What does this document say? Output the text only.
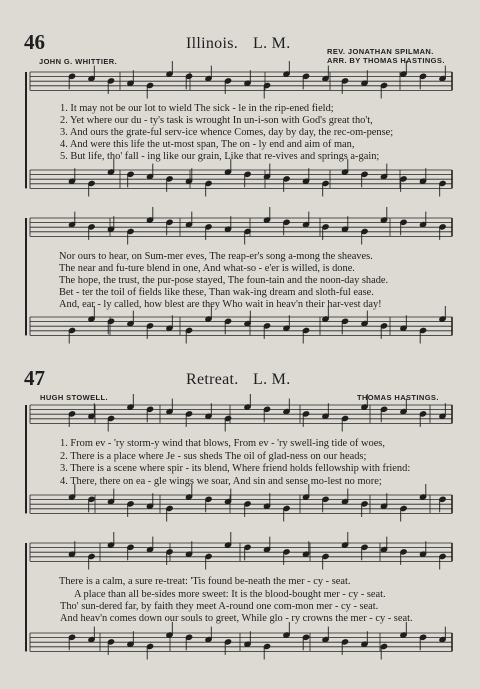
46	Illinois. L. M.
JOHN G. WHITTIER.
REV. JONATHAN SPILMAN.
ARR. BY THOMAS HASTINGS.
1. It may not be our lot to wield The sick - le in the rip-ened field;
2. Yet where our du - ty's task is wrought In un-i-son with God's great tho't,
3. And ours the grate-ful serv-ice whence Comes, day by day, the rec-om-pense;
4. And were this life the ut-most span, The on - ly end and aim of man,
5. But life, tho' fall - ing like our grain, Like that re-vives and springs a-gain;
Nor ours to hear, on Sum-mer eves, The reap-er's song a-mong the sheaves.
The near and fu-ture blend in one, And what-so - e'er is willed, is done.
The hope, the trust, the pur-pose stayed, The foun-tain and the noon-day shade.
Bet - ter the toil of fields like these, Than wak-ing dream and sloth-ful ease.
And, ear - ly called, how blest are they Who wait in heav'n their har-vest day!
47	Retreat. L. M.
HUGH STOWELL.	THOMAS HASTINGS.
1. From ev - 'ry storm-y wind that blows, From ev - 'ry swell-ing tide of woes,
2. There is a place where Je - sus sheds The oil of glad-ness on our heads;
3. There is a scene where spir - its blend, Where friend holds fellowship with friend:
4. There, there on ea - gle wings we soar, And sin and sense mo-lest no more;
There is a calm, a sure re-treat: 'Tis found be-neath the mer - cy - seat.
A place than all be-sides more sweet: It is the blood-bought mer - cy - seat.
Tho' sun-dered far, by faith they meet A-round one com-mon mer - cy - seat.
And heav'n comes down our souls to greet, While glo - ry crowns the mer - cy - seat.
